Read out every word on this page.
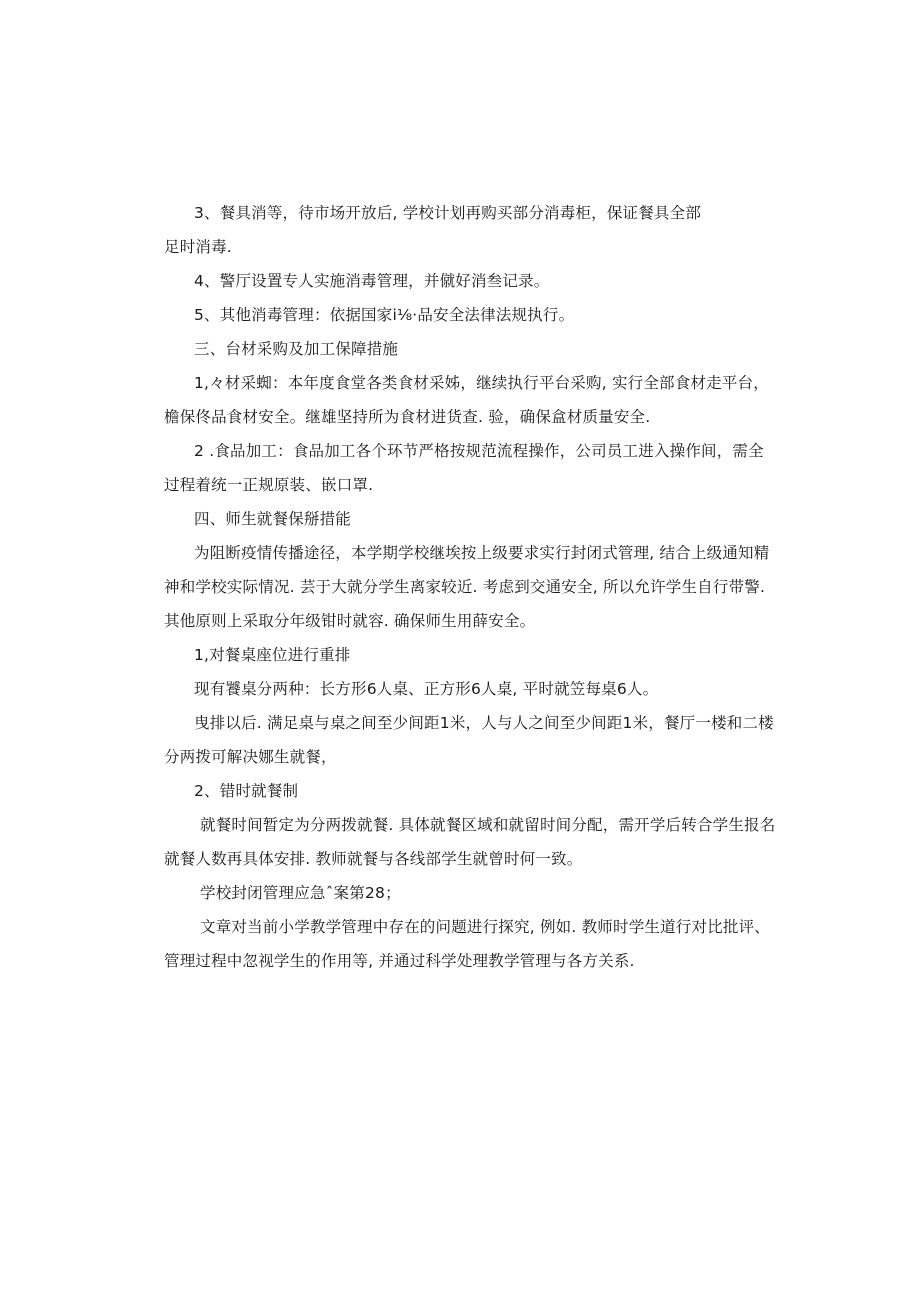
3、餐具消等，待市场开放后, 学校计划再购买部分消毒柜，保证餐具全部

足时消毒.

4、警厅设置专人实施消毒管理，并僦好消叁记录。

5、其他消毒管理：依据国家i⅛·品安全法律法规执行。

三、台材采购及加工保障措施

1,々材采蜘：本年度食堂各类食材采姊，继续执行平台采购, 实行全部食材走平台，

檐保佟品食材安全。继雄坚持所为食材进货查. 验，确保盒材质量安全.

2 .食品加工：食品加工各个环节严格按规范流程操作，公司员工进入操作间，需全

过程着统一正规原装、嵌口罩.

四、师生就餐保掰措能

为阻断疫情传播途径，本学期学校继埃按上级要求实行封闭式管理, 结合上级通知精

神和学校实际情况. 芸于大就分学生离家较近. 考虑到交通安全, 所以允许学生自行带警.

其他原则上采取分年级钳时就容. 确保师生用薛安全。

1,对餐桌座位进行重排

现有饕桌分两种：长方形6人桌、正方形6人桌, 平时就笠每桌6人。

曳排以后. 满足桌与桌之间至少间距1米，人与人之间至少间距1米，餐厅一楼和二楼

分两拨可解决娜生就餐，

2、错时就餐制

就餐时间暂定为分两拨就餐. 具体就餐区域和就留时间分配，需开学后转合学生报名

就餐人数再具体安排. 教师就餐与各线部学生就曾时何一致。

学校封闭管理应急ˆ案第28；

文章对当前小学教学管理中存在的问题进行探究, 例如. 教师时学生道行对比批评、

管理过程中忽视学生的作用等, 并通过科学处理教学管理与各方关系.
